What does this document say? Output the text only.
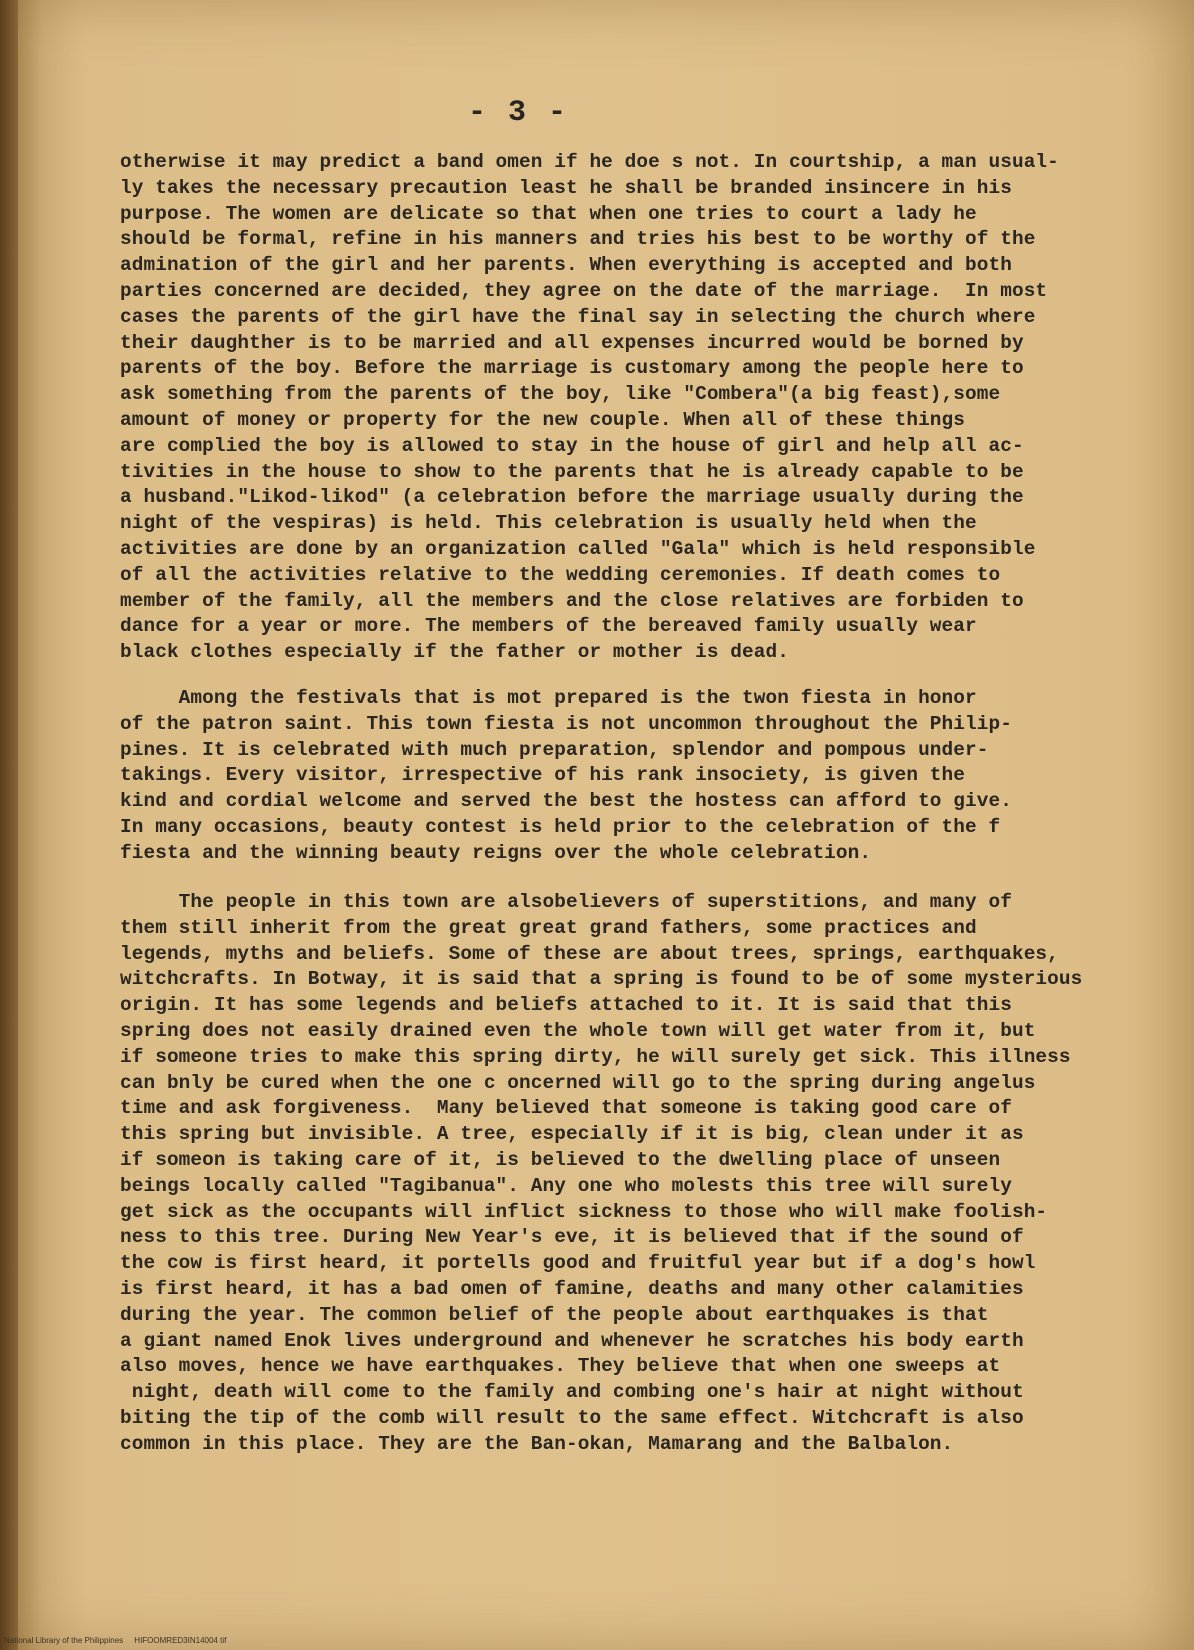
- 3 -
otherwise it may predict a band omen if he doe s not. In courtship, a man usual-
ly takes the necessary precaution least he shall be branded insincere in his
purpose. The women are delicate so that when one tries to court a lady he
should be formal, refine in his manners and tries his best to be worthy of the
admination of the girl and her parents. When everything is accepted and both
parties concerned are decided, they agree on the date of the marriage.  In most
cases the parents of the girl have the final say in selecting the church where
their daughther is to be married and all expenses incurred would be borned by
parents of the boy. Before the marriage is customary among the people here to
ask something from the parents of the boy, like "Combera"(a big feast),some
amount of money or property for the new couple. When all of these things
are complied the boy is allowed to stay in the house of girl and help all ac-
tivities in the house to show to the parents that he is already capable to be
a husband."Likod-likod" (a celebration before the marriage usually during the
night of the vespiras) is held. This celebration is usually held when the
activities are done by an organization called "Gala" which is held responsible
of all the activities relative to the wedding ceremonies. If death comes to
member of the family, all the members and the close relatives are forbiden to
dance for a year or more. The members of the bereaved family usually wear
black clothes especially if the father or mother is dead.
Among the festivals that is mot prepared is the twon fiesta in honor
of the patron saint. This town fiesta is not uncommon throughout the Philip-
pines. It is celebrated with much preparation, splendor and pompous under-
takings. Every visitor, irrespective of his rank insociety, is given the
kind and cordial welcome and served the best the hostess can afford to give.
In many occasions, beauty contest is held prior to the celebration of the f
fiesta and the winning beauty reigns over the whole celebration.
The people in this town are alsobelievers of superstitions, and many of
them still inherit from the great great grand fathers, some practices and
legends, myths and beliefs. Some of these are about trees, springs, earthquakes,
witchcrafts. In Botway, it is said that a spring is found to be of some mysterious
origin. It has some legends and beliefs attached to it. It is said that this
spring does not easily drained even the whole town will get water from it, but
if someone tries to make this spring dirty, he will surely get sick. This illness
can bnly be cured when the one c oncerned will go to the spring during angelus
time and ask forgiveness.  Many believed that someone is taking good care of
this spring but invisible. A tree, especially if it is big, clean under it as
if someon is taking care of it, is believed to the dwelling place of unseen
beings locally called "Tagibanua". Any one who molests this tree will surely
get sick as the occupants will inflict sickness to those who will make foolish-
ness to this tree. During New Year's eve, it is believed that if the sound of
the cow is first heard, it portells good and fruitful year but if a dog's howl
is first heard, it has a bad omen of famine, deaths and many other calamities
during the year. The common belief of the people about earthquakes is that
a giant named Enok lives underground and whenever he scratches his body earth
also moves, hence we have earthquakes. They believe that when one sweeps at
night, death will come to the family and combing one's hair at night without
biting the tip of the comb will result to the same effect. Witchcraft is also
common in this place. They are the Ban-okan, Mamarang and the Balbalon.
National Library of the Philippines     HIFOOMRED3IN14004 tif
